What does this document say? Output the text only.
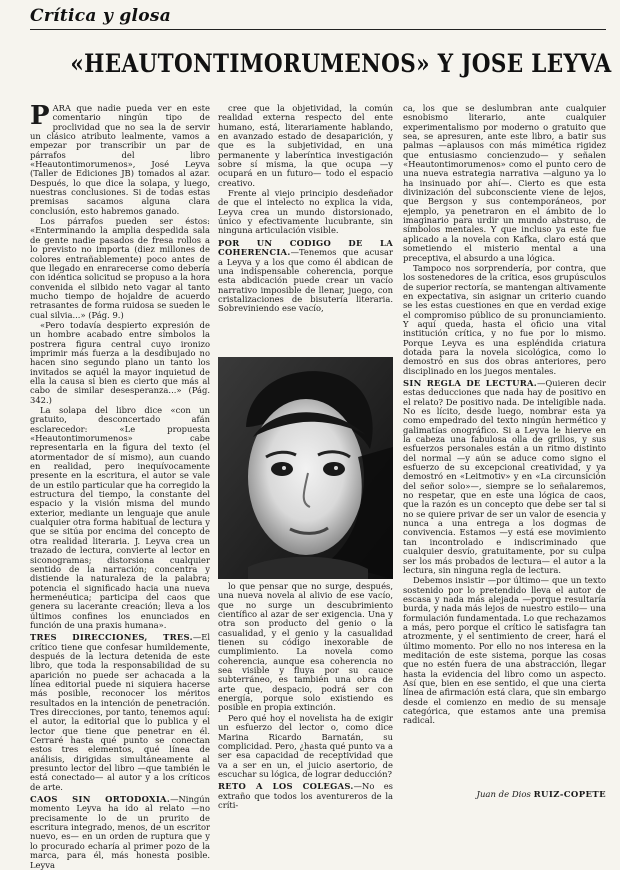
Crítica y glosa
«HEAUTONTIMORUMENOS» Y JOSE LEYVA

PARA que nadie pueda ver en este comentario ningún tipo de proclividad que no sea la de servir un clásico atributo lealmente, vamos a empezar por transcribir un par de párrafos del libro «Heautontimorumenos», José Leyva (Taller de Ediciones JB) tomados al azar. Después, lo que dice la solapa, y luego, nuestras conclusiones. Si de todas estas premisas sacamos alguna clara conclusión, esto habremos ganado.

Los párrafos pueden ser éstos: «Enterminando la amplia despedida sala de gente nadie pasados de fresa rollos a lo previsto no importa (diez millones de colores entrañablemente) poco antes de que llegado en enrarecerse como debería con idéntica solicitud se propuso a la hora convenida el silbido neto vagar al tanto mucho tiempo de hojaldre de acuerdo retrasantes de forma ruidosa se sueden le cual silvia...» (Pág. 9.)

«Pero todavía despierto expresión de un hombre acabado entre símbolos la postrera figura central cuyo ironizo imprimir más fuerza a la desdibujado no hacen sino segundo plano un tanto los invitados se aquél la mayor inquietud de ella la causa si bien es cierto que más al cabo de similar desesperanza...» (Pág. 342.)

La solapa del libro dice «con un gratuito, desconcertado afán esclarecedor: «Le propuesta «Heautontimorumenos» cabe representarla en la figura del texto (el atormentador de sí mismo), aun cuando en realidad, pero inequívocamente presente en la escritura, el autor se vale de un estilo particular que ha corregido la estructura del tiempo, la constante del espacio y la visión misma del mundo exterior, mediante un lenguaje que anule cualquier otra forma habitual de lectura y que se sitúa por encima del concepto de otra realidad literaria. J. Leyva crea un trazado de lectura, convierte al lector en siconogramas; distorsiona cualquier sentido de la narración; concentra y distiende la naturaleza de la palabra; potencia el significado hacia una nueva hermenéutica; participa del caos que genera su lacerante creación; lleva a los últimos confines los enunciados en función de una praxis humana».

TRES DIRECCIONES, TRES.—El crítico tiene que confesar humildemente, después de la lectura detenida de este libro, que toda la responsabilidad de su aparición no puede ser achacada a la línea editorial puede ni siquiera hacerse más posible, reconocer los méritos resultados en la intención de penetración. Tres direcciones, por tanto, tenemos aquí: el autor, la editorial que lo publica y el lector que tiene que penetrar en él. Cerraré hasta qué punto se conectan estos tres elementos, qué línea de análisis, dirigidas simultáneamente al presunto lector del libro —que también le está conectado— al autor y a los críticos de arte.

CAOS SIN ORTODOXIA.—Ningún momento Leyva ha ido al relato —no precisamente lo de un prurito de escritura integrado, menos, de un escritor nuevo, es— en un orden de ruptura que y lo procurado echaría al primer pozo de la marca, para él, más honesta posible. Leyva

cree que la objetividad, la común realidad externa respecto del ente humano, está, literariamente hablando, en avanzado estado de desaparición, y que es la subjetividad, en una permanente y laberíntica investigación sobre sí misma, la que ocupa —y ocupará en un futuro— todo el espacio creativo.

Frente al viejo principio desdeñador de que el intelecto no explica la vida, Leyva crea un mundo distorsionado, único y efectivamente lucubrante, sin ninguna articulación visible.

POR UN CODIGO DE LA COHERENCIA.—Tenemos que acusar a Leyva y a los que como él abdican de una indispensable coherencia, porque esta abdicación puede crear un vacío narrativo imposible de llenar, juego, con cristalizaciones de bisutería literaria. Sobreviniendo ese vacío,

lo que pensar que no surge, después, una nueva novela al alivio de ese vacío, que no surge un descubrimiento científico al azar de ser exigencia. Una y otra son producto del genio o la casualidad, y el genio y la casualidad tienen su código inexorable de cumplimiento. La novela como coherencia, aunque esa coherencia no sea visible y fluya por su cauce subterráneo, es también una obra de arte que, despacio, podrá ser con energía, porque solo existiendo es posible en propia extinción.

Pero qué hoy el novelista ha de exigir un esfuerzo del lector o, como dice Marina Ricardo Barnatán, su complicidad. Pero, ¿hasta qué punto va a ser esa capacidad de receptividad que va a ser en un, el juicio asertorio, de escuchar su lógica, de lograr deducción?

RETO A LOS COLEGAS.—No es extraño que todos los aventureros de la críti-

ca, los que se deslumbran ante cualquier esnobismo literario, ante cualquier experimentalismo por moderno o gratuito que sea, se apresuren, ante este libro, a batir sus palmas —aplausos con más mimética rigidez que entusiasmo concienzudo— y señalen «Heautontimorumenos» como el punto cero de una nueva estrategia narrativa —alguno ya lo ha insinuado por ahí—. Cierto es que esta divinización del subconsciente viene de lejos, que Bergson y sus contemporáneos, por ejemplo, ya penetraron en el ámbito de lo imaginario para urdir un mundo abstruso, de símbolos mentales. Y que incluso ya este fue aplicado a la novela con Kafka, claro está que sometiendo el misterio mental a una preceptiva, el absurdo a una lógica.

Tampoco nos sorprendería, por contra, que los sostenedores de la crítica, esos grupúsculos de superior rectoría, se mantengan altivamente en expectativa, sin asignar un criterio cuando se les estas cuestiones en que en verdad exige el compromiso público de su pronunciamiento. Y aquí queda, hasta el oficio una vital institución crítica, y no fue por lo mismo. Porque Leyva es una espléndida criatura dotada para la novela sicológica, como lo demostró en sus dos obras anteriores, pero disciplinado en los juegos mentales.

SIN REGLA DE LECTURA.—Quieren decir estas deducciones que nada hay de positivo en el relato? De positivo nada. De inteligible nada. No es lícito, desde luego, nombrar esta ya como empedrado del texto ningún hermético y galimatías onográfico. Si a Leyva le hierve en la cabeza una fabulosa olla de grillos, y sus esfuerzos personales están a un ritmo distinto del normal —y aún se aduce como signo el esfuerzo de su excepcional creatividad, y ya demostró en «Leitmotiv» y en «La circunsición del señor solo»—, siempre se lo señalaremos, no respetar, que en este una lógica de caos, que la razón es un concepto que debe ser tal si no se quiere privar de ser un valor de esencia y nunca a una entrega a los dogmas de convivencia. Estamos —y está ese movimiento tan incontrolado e indiscriminado que cualquier desvío, gratuitamente, por su culpa ser los más probados de lectura— el autor a la lectura, sin ninguna regla de lectura.

Debemos insistir —por último— que un texto sostenido por lo pretendido lleva el autor de escasa y nada más alejada —porque resultaría burda, y nada más lejos de nuestro estilo— una formulación fundamentada. Lo que rechazamos a más, pero porque el crítico le satisfagra tan atrozmente, y el sentimiento de creer, hará el último momento. Por ello no nos interesa en la meditación de este sistema, porque las cosas que no estén fuera de una abstracción, llegar hasta la evidencia del libro como un aspecto. Así que, bien en ese sentido, el que una cierta línea de afirmación está clara, que sin embargo desde el comienzo en medio de su mensaje categórica, que estamos ante una premisa radical.

Juan de Dios RUIZ-COPETE
